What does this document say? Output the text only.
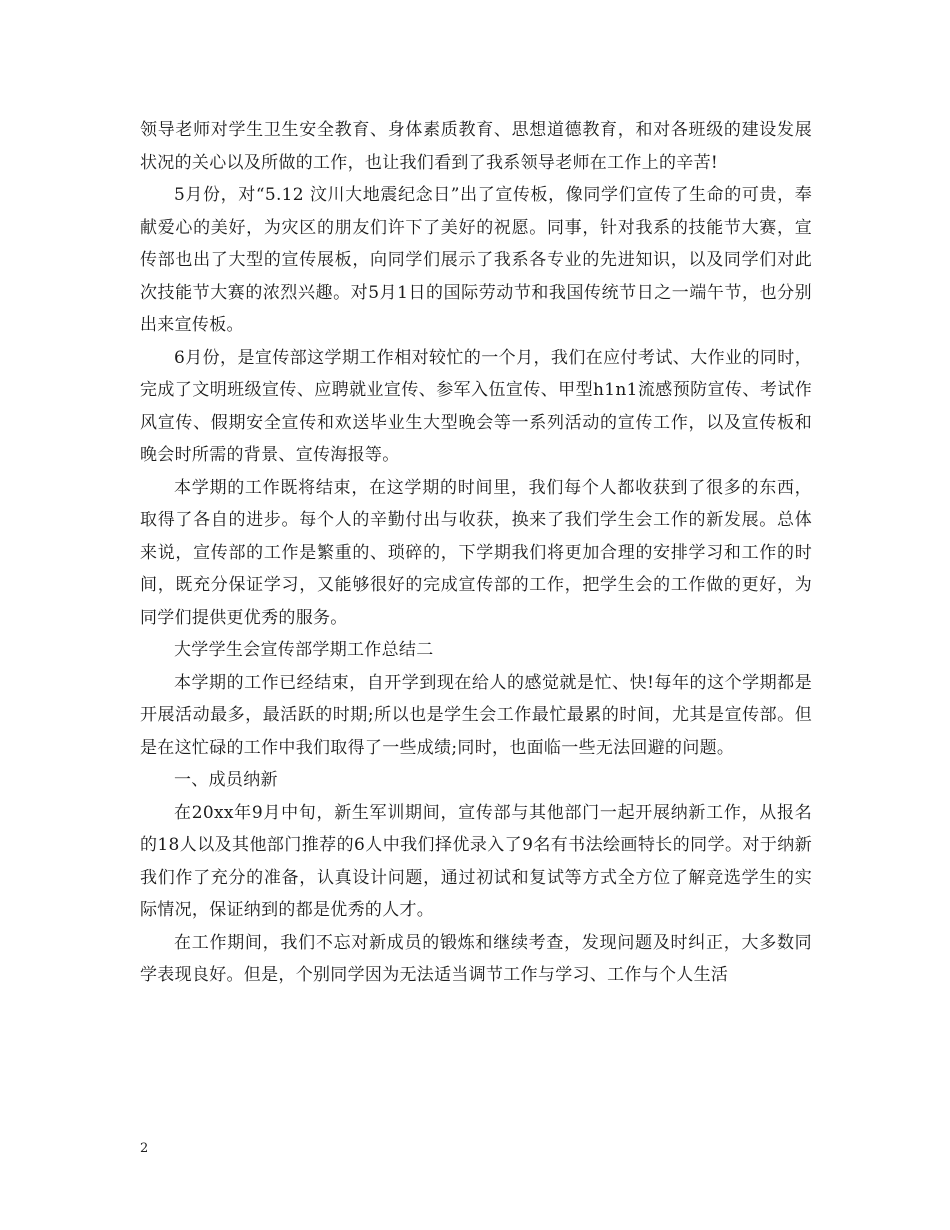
领导老师对学生卫生安全教育、身体素质教育、思想道德教育，和对各班级的建设发展状况的关心以及所做的工作，也让我们看到了我系领导老师在工作上的辛苦!

5月份，对“5.12 汶川大地震纪念日”出了宣传板，像同学们宣传了生命的可贵，奉献爱心的美好，为灾区的朋友们许下了美好的祝愿。同事，针对我系的技能节大赛，宣传部也出了大型的宣传展板，向同学们展示了我系各专业的先进知识，以及同学们对此次技能节大赛的浓烈兴趣。对5月1日的国际劳动节和我国传统节日之一端午节，也分别出来宣传板。

6月份，是宣传部这学期工作相对较忙的一个月，我们在应付考试、大作业的同时，完成了文明班级宣传、应聘就业宣传、参军入伍宣传、甲型h1n1流感预防宣传、考试作风宣传、假期安全宣传和欢送毕业生大型晚会等一系列活动的宣传工作，以及宣传板和晚会时所需的背景、宣传海报等。

本学期的工作既将结束，在这学期的时间里，我们每个人都收获到了很多的东西，取得了各自的进步。每个人的辛勤付出与收获，换来了我们学生会工作的新发展。总体来说，宣传部的工作是繁重的、琐碎的，下学期我们将更加合理的安排学习和工作的时间，既充分保证学习，又能够很好的完成宣传部的工作，把学生会的工作做的更好，为同学们提供更优秀的服务。

大学学生会宣传部学期工作总结二

本学期的工作已经结束，自开学到现在给人的感觉就是忙、快!每年的这个学期都是开展活动最多，最活跃的时期;所以也是学生会工作最忙最累的时间，尤其是宣传部。但是在这忙碌的工作中我们取得了一些成绩;同时，也面临一些无法回避的问题。

一、成员纳新

在20xx年9月中旬，新生军训期间，宣传部与其他部门一起开展纳新工作，从报名的18人以及其他部门推荐的6人中我们择优录入了9名有书法绘画特长的同学。对于纳新我们作了充分的准备，认真设计问题，通过初试和复试等方式全方位了解竞选学生的实际情况，保证纳到的都是优秀的人才。

在工作期间，我们不忘对新成员的锻炼和继续考查，发现问题及时纠正，大多数同学表现良好。但是，个别同学因为无法适当调节工作与学习、工作与个人生活

2
